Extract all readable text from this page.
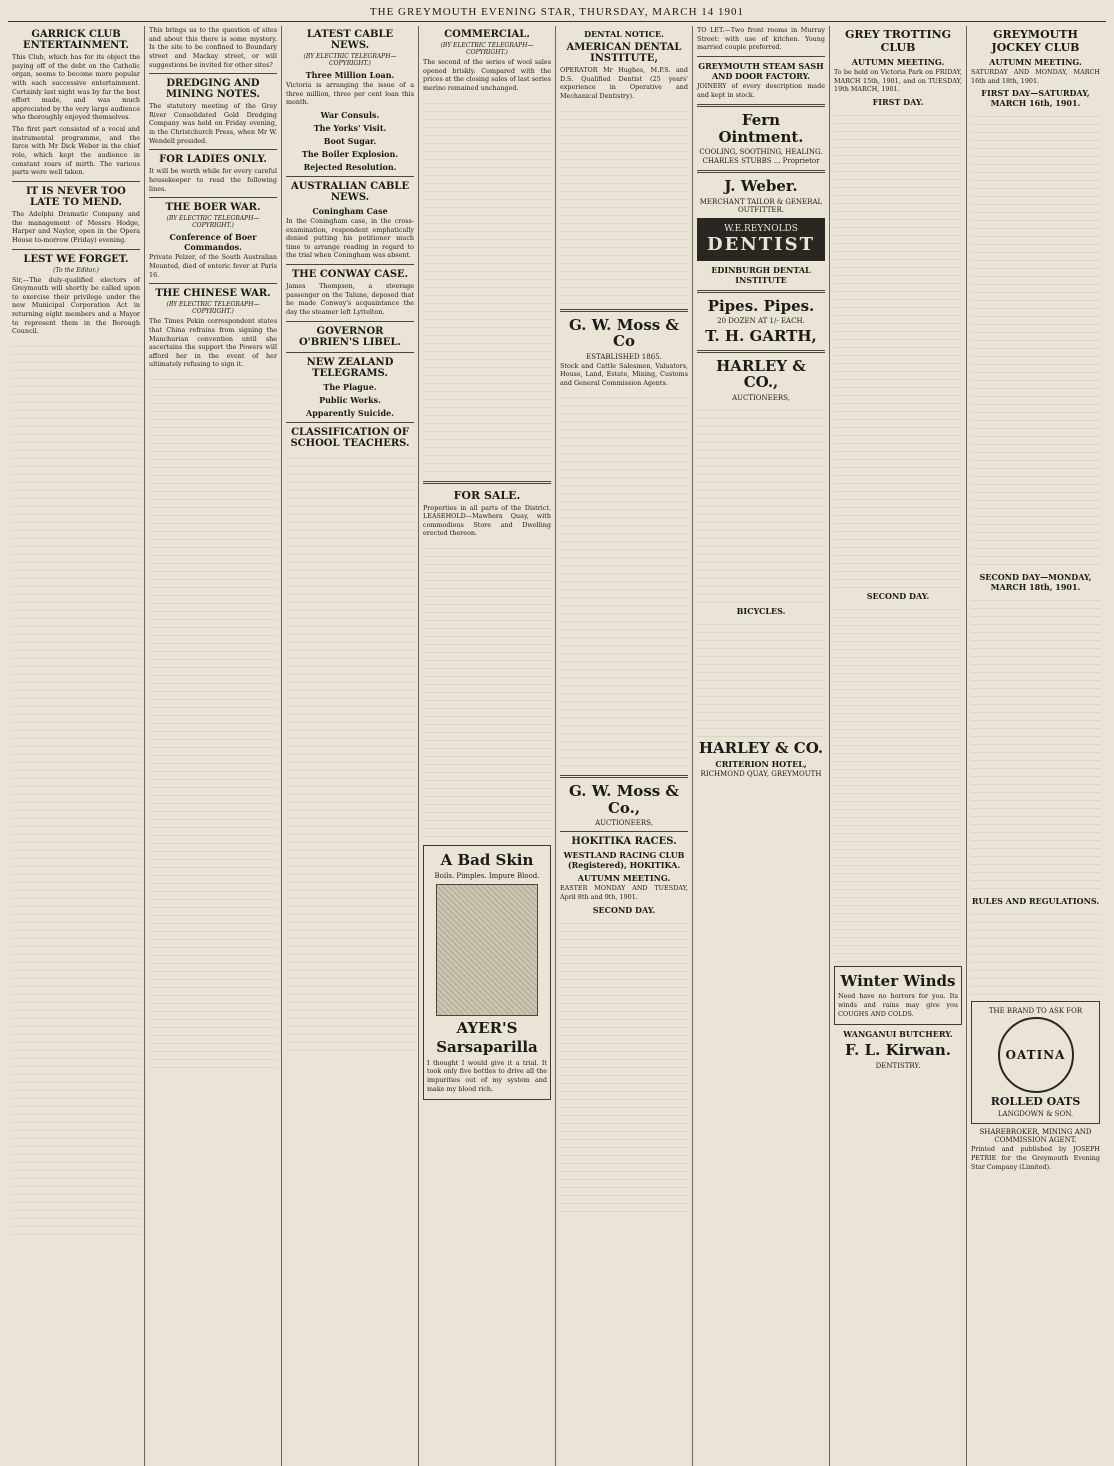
THE GREYMOUTH EVENING STAR, THURSDAY, MARCH 14 1901
GARRICK CLUB ENTERTAINMENT.

This Club, which has for its object the paying off of the debt on the Catholic organ, seems to become more popular with each successive entertainment. Certainly last night was by far the best effort made, and was much appreciated by the very large audience who thoroughly enjoyed themselves.

The first part consisted of a vocal and instrumental programme, and the farce with Mr Dick Weber in the chief role, which kept the audience in constant roars of mirth. The various parts were well taken.

IT IS NEVER TOO LATE TO MEND.

The Adelphi Dramatic Company and the management of Messrs Hodge, Harper and Naylor, open in the Opera House to-morrow (Friday) evening.

LEST WE FORGET.
(To the Editor.)

Sir,—The duly-qualified electors of Greymouth will shortly be called upon to exercise their privilege under the new Municipal Corporation Act in returning eight members and a Mayor to represent them in the Borough Council.

This brings us to the question of sites and about this there is some mystery. Is the site to be confined to Boundary street and Mackay street, or will suggestions be invited for other sites?

DREDGING AND MINING NOTES.

The statutory meeting of the Grey River Consolidated Gold Dredging Company was held on Friday evening, in the Christchurch Press, when Mr W. Wendell presided.

FOR LADIES ONLY.

It will be worth while for every careful housekeeper to read the following lines.

THE BOER WAR.
(BY ELECTRIC TELEGRAPH—COPYRIGHT.)
Conference of Boer Commandos.

Private Pelzer, of the South Australian Mounted, died of enteric fever at Paris 16.

THE CHINESE WAR.
(BY ELECTRIC TELEGRAPH—COPYRIGHT.)

The Times Pekin correspondent states that China refrains from signing the Manchurian convention until she ascertains the support the Powers will afford her in the event of her ultimately refusing to sign it.

LATEST CABLE NEWS.
(BY ELECTRIC TELEGRAPH—COPYRIGHT.)
Three Million Loan.

Victoria is arranging the issue of a three million, three per cent loan this month.

War Consuls.
The Yorks' Visit.
Boot Sugar.
The Boiler Explosion.
Rejected Resolution.
AUSTRALIAN CABLE NEWS.
Coningham Case

In the Coningham case, in the cross-examination, respondent emphatically denied putting his petitioner much time to arrange reading in regard to the trial when Coningham was absent.

THE CONWAY CASE.

James Thompson, a steerage passenger on the Talune, deposed that he made Conway's acquaintance the day the steamer left Lyttelton.

GOVERNOR O'BRIEN'S LIBEL.
NEW ZEALAND TELEGRAMS.
The Plague.
Public Works.
Apparently Suicide.
CLASSIFICATION OF SCHOOL TEACHERS.
COMMERCIAL.
(BY ELECTRIC TELEGRAPH—COPYRIGHT.)

The second of the series of wool sales opened briskly. Compared with the prices at the closing sales of last series merino remained unchanged.

FOR SALE.

Properties in all parts of the District. LEASEHOLD—Mawhera Quay, with commodious Store and Dwelling erected thereon.

A Bad Skin
Boils. Pimples. Impure Blood.
AYER'S
Sarsaparilla

I thought I would give it a trial. It took only five bottles to drive all the impurities out of my system and make my blood rich.

DENTAL NOTICE.
AMERICAN DENTAL INSTITUTE,

OPERATOR Mr Hughes, M.P.S. and D.S. Qualified Dentist (25 years' experience in Operative and Mechanical Dentistry).

G. W. Moss & Co
ESTABLISHED 1865.

Stock and Cattle Salesmen, Valuators, House, Land, Estate, Mining, Customs and General Commission Agents.

G. W. Moss & Co.,
AUCTIONEERS,
HOKITIKA RACES.
WESTLAND RACING CLUB (Registered), HOKITIKA.
AUTUMN MEETING.

EASTER MONDAY AND TUESDAY, April 8th and 9th, 1901.

SECOND DAY.

TO LET.—Two front rooms in Murray Street: with use of kitchen. Young married couple preferred.

GREYMOUTH STEAM SASH AND DOOR FACTORY.

JOINERY of every description made and kept in stock.

Fern Ointment.
COOLING, SOOTHING, HEALING.
CHARLES STUBBS ... Proprietor
J. Weber.
MERCHANT TAILOR & GENERAL OUTFITTER.
W.E.REYNOLDS
DENTIST
EDINBURGH DENTAL INSTITUTE
Pipes. Pipes.
20 DOZEN AT 1/- EACH.
T. H. GARTH,
HARLEY & CO.,
AUCTIONEERS,
BICYCLES.
HARLEY & CO.
CRITERION HOTEL,
RICHMOND QUAY, GREYMOUTH
GREY TROTTING CLUB
AUTUMN MEETING.

To be held on Victoria Park on FRIDAY, MARCH 15th, 1901, and on TUESDAY, 19th MARCH, 1901.

FIRST DAY.
SECOND DAY.
Winter Winds

Need have no horrors for you. Its winds and rains may give you COUGHS AND COLDS.

WANGANUI BUTCHERY.
F. L. Kirwan.
DENTISTRY.
GREYMOUTH JOCKEY CLUB
AUTUMN MEETING.

SATURDAY AND MONDAY, MARCH 16th and 18th, 1901.

FIRST DAY—SATURDAY, MARCH 16th, 1901.
SECOND DAY—MONDAY, MARCH 18th, 1901.
RULES AND REGULATIONS.
THE BRAND TO ASK FOR
OATINA
ROLLED OATS
LANGDOWN & SON.
SHAREBROKER, MINING AND COMMISSION AGENT.

Printed and published by JOSEPH PETRIE for the Greymouth Evening Star Company (Limited).
